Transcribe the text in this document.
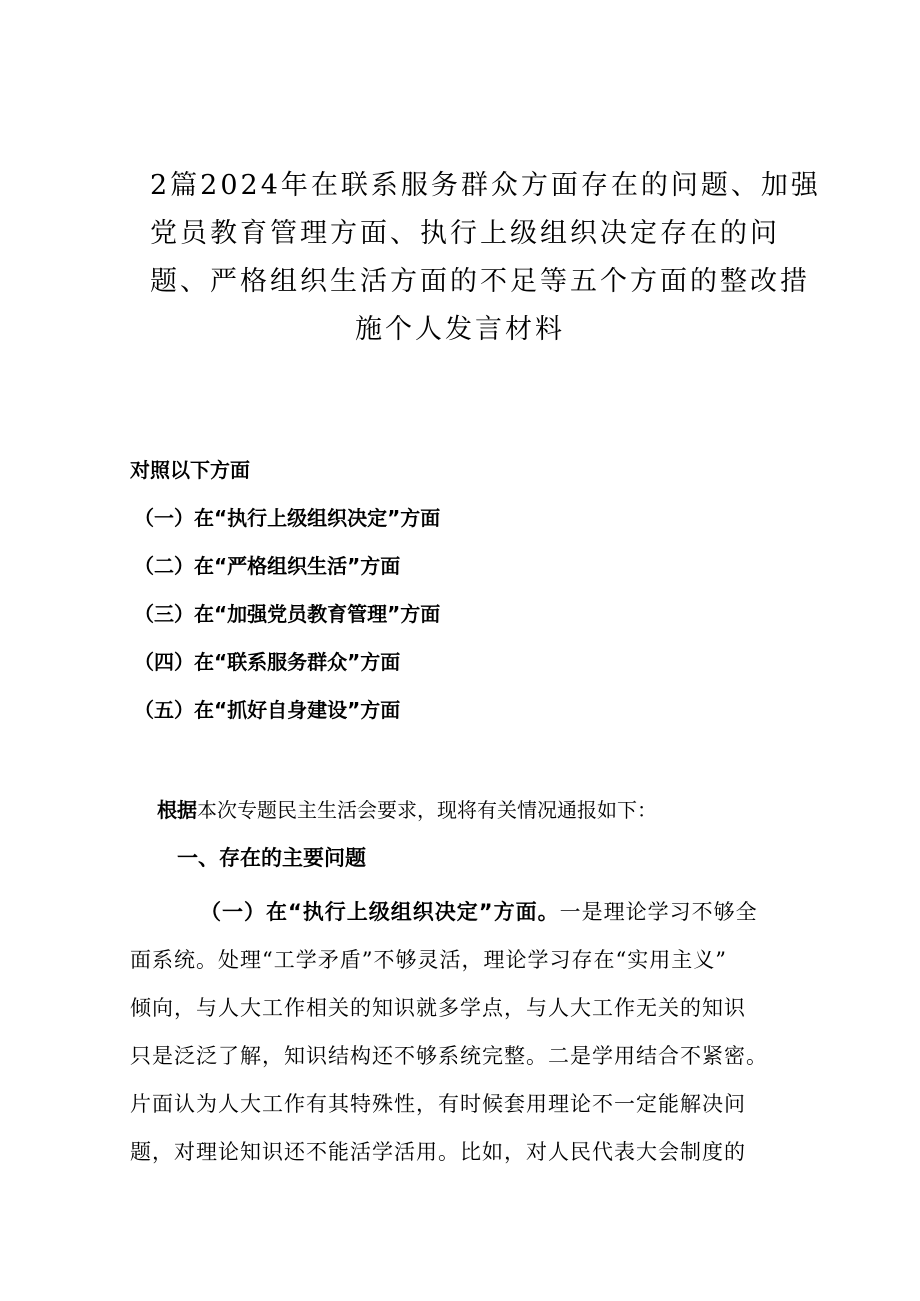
2篇2024年在联系服务群众方面存在的问题、加强
党员教育管理方面、执行上级组织决定存在的问
题、严格组织生活方面的不足等五个方面的整改措
施个人发言材料
对照以下方面
（一）在“执行上级组织决定”方面
（二）在“严格组织生活”方面
（三）在“加强党员教育管理”方面
（四）在“联系服务群众”方面
（五）在“抓好自身建设”方面
根据本次专题民主生活会要求，现将有关情况通报如下：
一、存在的主要问题
（一）在“执行上级组织决定”方面。一是理论学习不够全
面系统。处理“工学矛盾”不够灵活，理论学习存在“实用主义”
倾向，与人大工作相关的知识就多学点，与人大工作无关的知识
只是泛泛了解，知识结构还不够系统完整。二是学用结合不紧密。
片面认为人大工作有其特殊性，有时候套用理论不一定能解决问
题，对理论知识还不能活学活用。比如，对人民代表大会制度的
